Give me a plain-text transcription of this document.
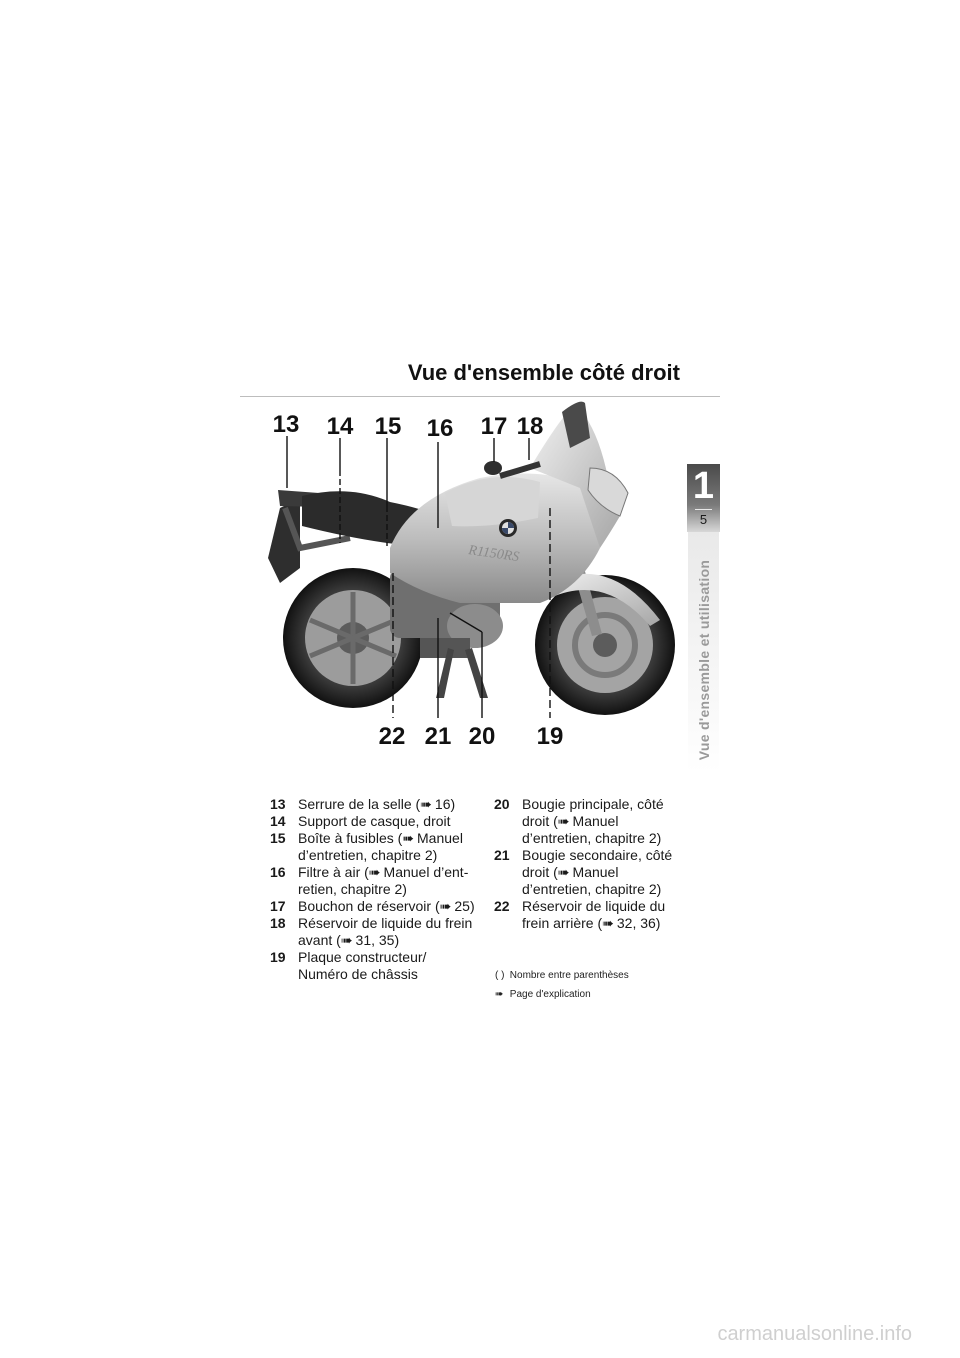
Vue d'ensemble côté droit
1
5
Vue d'ensemble et utilisation
R1150RS
13 14 15 16 17 18
22 21 20 19

13 Serrure de la selle (➠ 16)

14 Support de casque, droit

15 Boîte à fusibles (➠ Manuel d’entretien, chapitre 2)

16 Filtre à air (➠ Manuel d’ent- retien, chapitre 2)

17 Bouchon de réservoir (➠ 25)

18 Réservoir de liquide du frein avant (➠ 31, 35)

19 Plaque constructeur/ Numéro de châssis

20 Bougie principale, côté droit (➠ Manuel d’entretien, chapitre 2)

21 Bougie secondaire, côté droit (➠ Manuel d’entretien, chapitre 2)

22 Réservoir de liquide du frein arrière (➠ 32, 36)

( ) Nombre entre parenthèses
➠ Page d'explication
carmanualsonline.info
